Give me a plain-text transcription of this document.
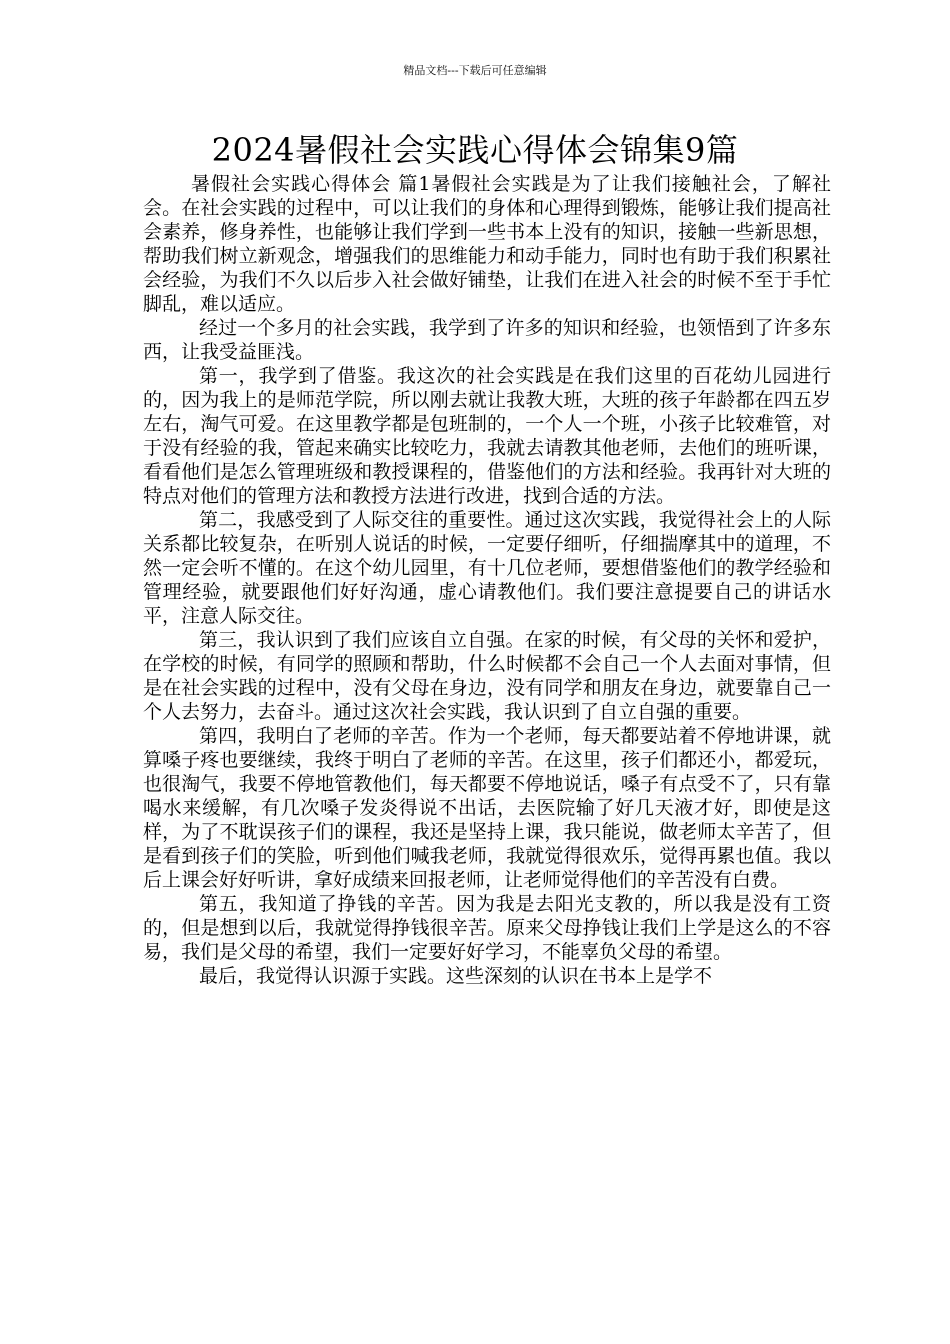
精品文档---下载后可任意编辑
2024暑假社会实践心得体会锦集9篇

暑假社会实践心得体会 篇1暑假社会实践是为了让我们接触社会，了解社会。在社会实践的过程中，可以让我们的身体和心理得到锻炼，能够让我们提高社会素养，修身养性，也能够让我们学到一些书本上没有的知识，接触一些新思想，帮助我们树立新观念，增强我们的思维能力和动手能力，同时也有助于我们积累社会经验，为我们不久以后步入社会做好铺垫，让我们在进入社会的时候不至于手忙脚乱，难以适应。

经过一个多月的社会实践，我学到了许多的知识和经验，也领悟到了许多东西，让我受益匪浅。

第一，我学到了借鉴。我这次的社会实践是在我们这里的百花幼儿园进行的，因为我上的是师范学院，所以刚去就让我教大班，大班的孩子年龄都在四五岁左右，淘气可爱。在这里教学都是包班制的，一个人一个班，小孩子比较难管，对于没有经验的我，管起来确实比较吃力，我就去请教其他老师，去他们的班听课，看看他们是怎么管理班级和教授课程的，借鉴他们的方法和经验。我再针对大班的特点对他们的管理方法和教授方法进行改进，找到合适的方法。

第二，我感受到了人际交往的重要性。通过这次实践，我觉得社会上的人际关系都比较复杂，在听别人说话的时候，一定要仔细听，仔细揣摩其中的道理，不然一定会听不懂的。在这个幼儿园里，有十几位老师，要想借鉴他们的教学经验和管理经验，就要跟他们好好沟通，虚心请教他们。我们要注意提要自己的讲话水平，注意人际交往。

第三，我认识到了我们应该自立自强。在家的时候，有父母的关怀和爱护，在学校的时候，有同学的照顾和帮助，什么时候都不会自己一个人去面对事情，但是在社会实践的过程中，没有父母在身边，没有同学和朋友在身边，就要靠自己一个人去努力，去奋斗。通过这次社会实践，我认识到了自立自强的重要。

第四，我明白了老师的辛苦。作为一个老师，每天都要站着不停地讲课，就算嗓子疼也要继续，我终于明白了老师的辛苦。在这里，孩子们都还小，都爱玩，也很淘气，我要不停地管教他们，每天都要不停地说话，嗓子有点受不了，只有靠喝水来缓解，有几次嗓子发炎得说不出话，去医院输了好几天液才好，即使是这样，为了不耽误孩子们的课程，我还是坚持上课，我只能说，做老师太辛苦了，但是看到孩子们的笑脸，听到他们喊我老师，我就觉得很欢乐，觉得再累也值。我以后上课会好好听讲，拿好成绩来回报老师，让老师觉得他们的辛苦没有白费。

第五，我知道了挣钱的辛苦。因为我是去阳光支教的，所以我是没有工资的，但是想到以后，我就觉得挣钱很辛苦。原来父母挣钱让我们上学是这么的不容易，我们是父母的希望，我们一定要好好学习，不能辜负父母的希望。

最后，我觉得认识源于实践。这些深刻的认识在书本上是学不
